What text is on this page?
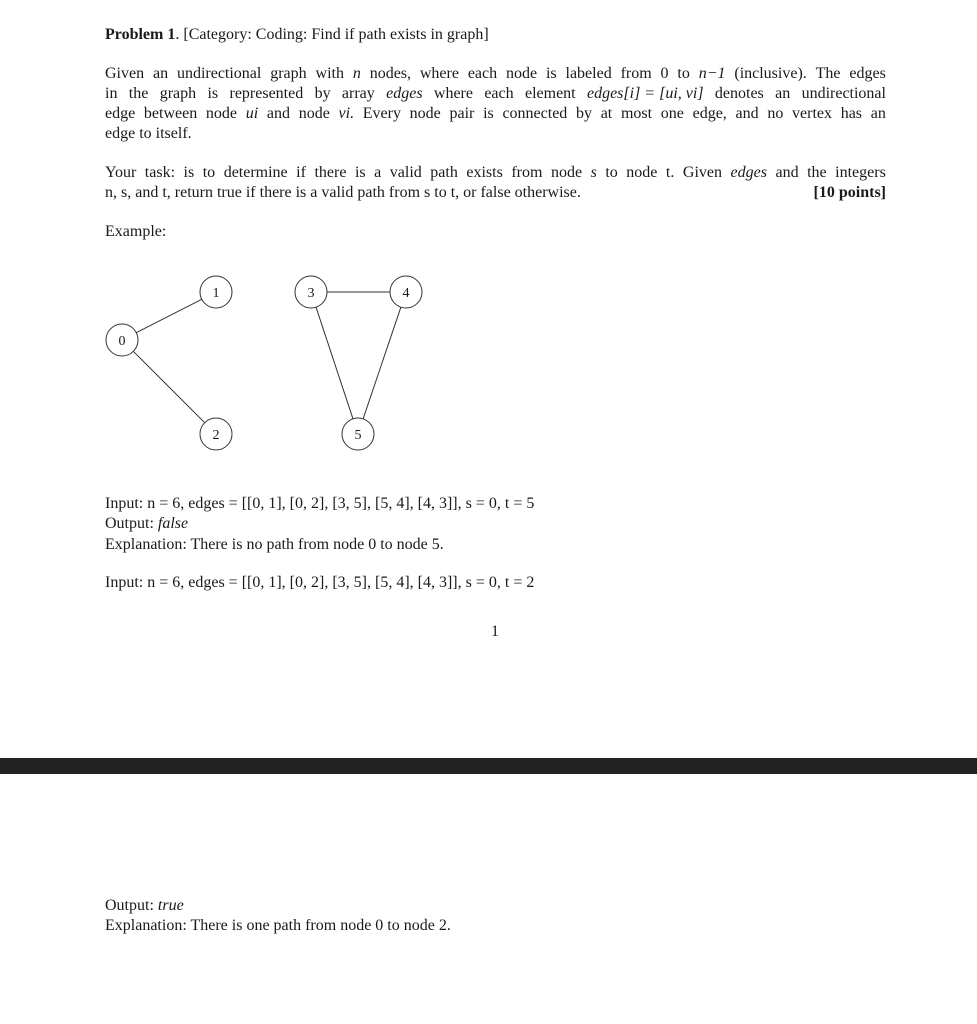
Problem 1. [Category: Coding: Find if path exists in graph]
Given an undirectional graph with n nodes, where each node is labeled from 0 to n−1 (inclusive). The edges
in the graph is represented by array edges where each element edges[i] = [ui, vi] denotes an undirectional
edge between node ui and node vi. Every node pair is connected by at most one edge, and no vertex has an
edge to itself.
Your task: is to determine if there is a valid path exists from node s to node t. Given edges and the integers
n, s, and t, return true if there is a valid path from s to t, or false otherwise.	[10 points]
Example:
0
1
2
3	4
5
Input: n = 6, edges = [[0, 1], [0, 2], [3, 5], [5, 4], [4, 3]], s = 0, t = 5
Output: false
Explanation: There is no path from node 0 to node 5.
Input: n = 6, edges = [[0, 1], [0, 2], [3, 5], [5, 4], [4, 3]], s = 0, t = 2
1
Output: true
Explanation: There is one path from node 0 to node 2.
